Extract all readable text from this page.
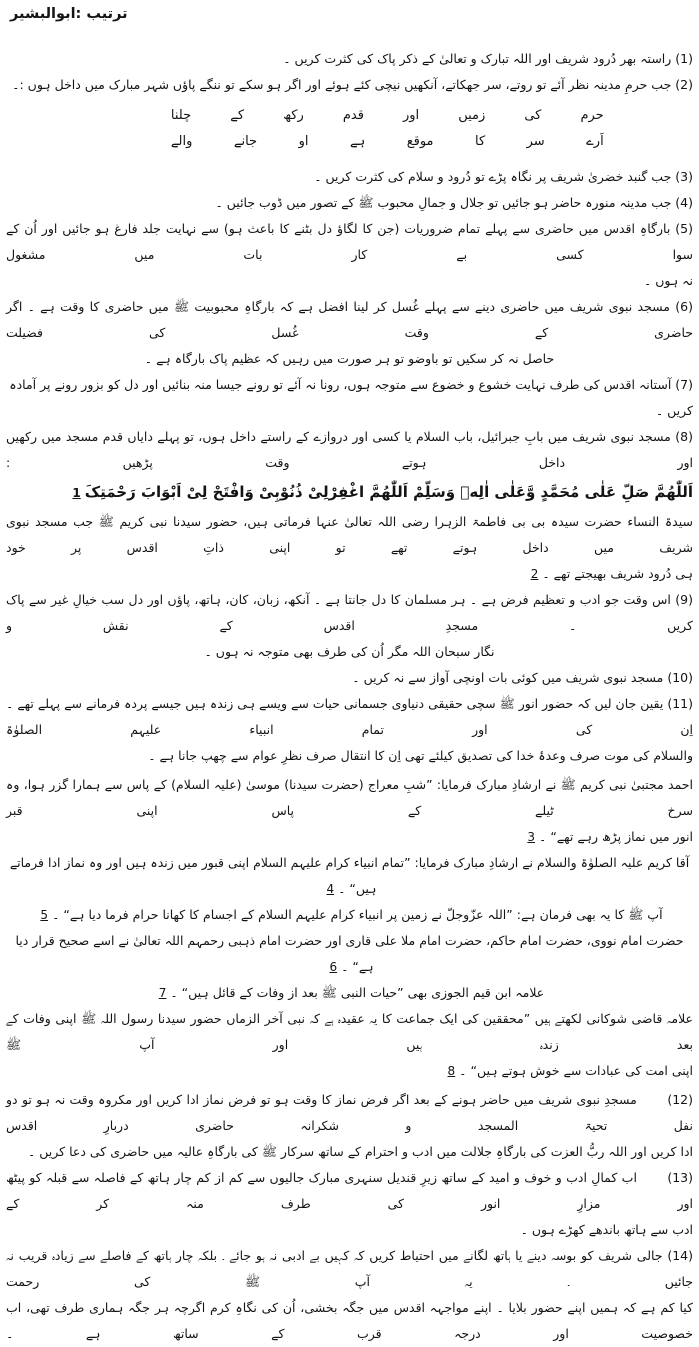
ترتیب :ابوالبشیر
(1) راستہ بھر دُرود شریف اور اللہ تبارک و تعالیٰ کے ذکر پاک کی کثرت کریں ۔
(2) جب حرمِ مدینہ نظر آئے تو روتے، سر جھکاتے، آنکھیں نیچی کئے ہوئے اور اگر ہو سکے تو ننگے پاؤں شہر مبارک میں داخل ہوں :۔
حرم کی زمیں اور قدم رکھ کے چلنا
اَرے سر کا موقع ہے او جانے والے
(3) جب گنبد خضریٰ شریف پر نگاہ پڑے تو دُرود و سلام کی کثرت کریں ۔
(4) جب مدینہ منورہ حاضر ہو جائیں تو جلال و جمالِ محبوب ﷺ کے تصور میں ڈوب جائیں ۔
(5) بارگاہِ اقدس میں حاضری سے پہلے تمام ضروریات (جن کا لگاؤ دل بٹنے کا باعث ہو) سے نہایت جلد فارغ ہو جائیں اور اُن کے سوا کسی بے کار بات میں مشغول
نہ ہوں ۔
(6) مسجد نبوی شریف میں حاضری دینے سے پہلے غُسل کر لینا افضل ہے کہ بارگاہِ محبوبیت ﷺ میں حاضری کا وقت ہے ۔ اگر حاضری کے وقت غُسل کی فضیلت
حاصل نہ کر سکیں تو باوضو تو ہر صورت میں رہیں کہ عظیم پاک بارگاہ ہے ۔
(7) آستانہ اقدس کی طرف نہایت خشوع و خضوع سے متوجہ ہوں، رونا نہ آئے تو رونے جیسا منہ بنائیں اور دل کو بزور رونے پر آمادہ کریں ۔
(8) مسجد نبوی شریف میں بابِ جبرائیل، باب السلام یا کسی اور دروازے کے راستے داخل ہوں، تو پہلے دایاں قدم مسجد میں رکھیں اور داخل ہوتے وقت پڑھیں :
اَللّٰهُمَّ صَلِّ عَلٰی مُحَمَّدٍ وَّعَلٰی اٰلِهٖ وَسَلِّمْ اَللّٰهُمَّ اغْفِرْلِیْ ذُنُوْبِیْ وَافْتَحْ لِیْ اَبْوَابَ رَحْمَتِکَ1
سیدۃ النساء حضرت سیدہ بی بی فاطمۃ الزہرا رضی اللہ تعالیٰ عنہا فرماتی ہیں، حضور سیدنا نبی کریم ﷺ جب مسجد نبوی شریف میں داخل ہوتے تھے تو اپنی ذاتِ اقدس پر خود
ہی دُرود شریف بھیجتے تھے ۔2
(9) اس وقت جو ادب و تعظیم فرض ہے ۔ ہر مسلمان کا دل جانتا ہے ۔ آنکھ، زبان، کان، ہاتھ، پاؤں اور دل سب خیالِ غیر سے پاک کریں ۔ مسجدِ اقدس کے نقش و
نگار سبحان اللہ مگر اُن کی طرف بھی متوجہ نہ ہوں ۔
(10) مسجد نبوی شریف میں کوئی بات اونچی آواز سے نہ کریں ۔
(11) یقین جان لیں کہ حضور انور ﷺ سچی حقیقی دنیاوی جسمانی حیات سے ویسے ہی زندہ ہیں جیسے پردہ فرمانے سے پہلے تھے ۔ اِن کی اور تمام انبیاء علیہم الصلوٰۃ
والسلام کی موت صرف وعدۂ خدا کی تصدیق کیلئے تھی اِن کا انتقال صرف نظرِ عوام سے چھپ جانا ہے ۔
احمد مجتبیٰ نبی کریم ﷺ نے ارشادِ مبارک فرمایا: ”شبِ معراج (حضرت سیدنا) موسیٰ (علیہ السلام) کے پاس سے ہمارا گزر ہوا، وہ سرخ ٹیلے کے پاس اپنی قبر
انور میں نماز پڑھ رہے تھے“ ۔3
آقا کریم علیہ الصلوٰۃ والسلام نے ارشادِ مبارک فرمایا: ”تمام انبیاء کرام علیہم السلام اپنی قبور میں زندہ ہیں اور وہ نماز ادا فرماتے ہیں“ ۔4
آپ ﷺ کا یہ بھی فرمان ہے: ”اللہ عزّوجلّ نے زمین پر انبیاء کرام علیہم السلام کے اجسام کا کھانا حرام فرما دیا ہے“ ۔5
حضرت امام نووی، حضرت امام حاکم، حضرت امام ملا علی قاری اور حضرت امام ذہبی رحمہم اللہ تعالیٰ نے اسے صحیح قرار دیا ہے“ ۔6
علامہ ابن قیم الجوزی بھی ”حیات النبی ﷺ بعد از وفات کے قائل ہیں“ ۔7
علامہ قاضی شوکانی لکھتے ہیں ”محققین کی ایک جماعت کا یہ عقیدہ ہے کہ نبی آخر الزماں حضور سیدنا رسول اللہ ﷺ اپنی وفات کے بعد زندہ ہیں اور آپ ﷺ
اپنی امت کی عبادات سے خوش ہوتے ہیں“ ۔8
(12)       مسجدِ نبوی شریف میں حاضر ہونے کے بعد اگر فرض نماز کا وقت ہو تو فرض نماز ادا کریں اور مکروہ وقت نہ ہو تو دو نفل تحیۃ المسجد و شکرانہ حاضری دربارِ اقدس
ادا کریں اور اللہ ربُّ العزت کی بارگاہِ جلالت میں ادب و احترام کے ساتھ سرکار ﷺ کی بارگاہِ عالیہ میں حاضری کی دعا کریں ۔
(13)       اب کمالِ ادب و خوف و امید کے ساتھ زیرِ قندیل سنہری مبارک جالیوں سے کم از کم چار ہاتھ کے فاصلہ سے قبلہ کو پیٹھ اور مزارِ انور کی طرف منہ کر کے
ادب سے ہاتھ باندھے کھڑے ہوں ۔
(14) جالی شریف کو بوسہ دینے یا ہاتھ لگانے میں احتیاط کریں کہ کہیں بے ادبی نہ ہو جائے ۔ بلکہ چار ہاتھ کے فاصلے سے زیادہ قریب نہ جائیں ۔ یہ آپ ﷺ کی رحمت
کیا کم ہے کہ ہمیں اپنے حضور بلایا ۔ اپنے مواجہہ اقدس میں جگہ بخشی، اُن کی نگاہِ کرم اگرچہ ہر جگہ ہماری طرف تھی، اب خصوصیت اور درجہ قرب کے ساتھ ہے ۔
